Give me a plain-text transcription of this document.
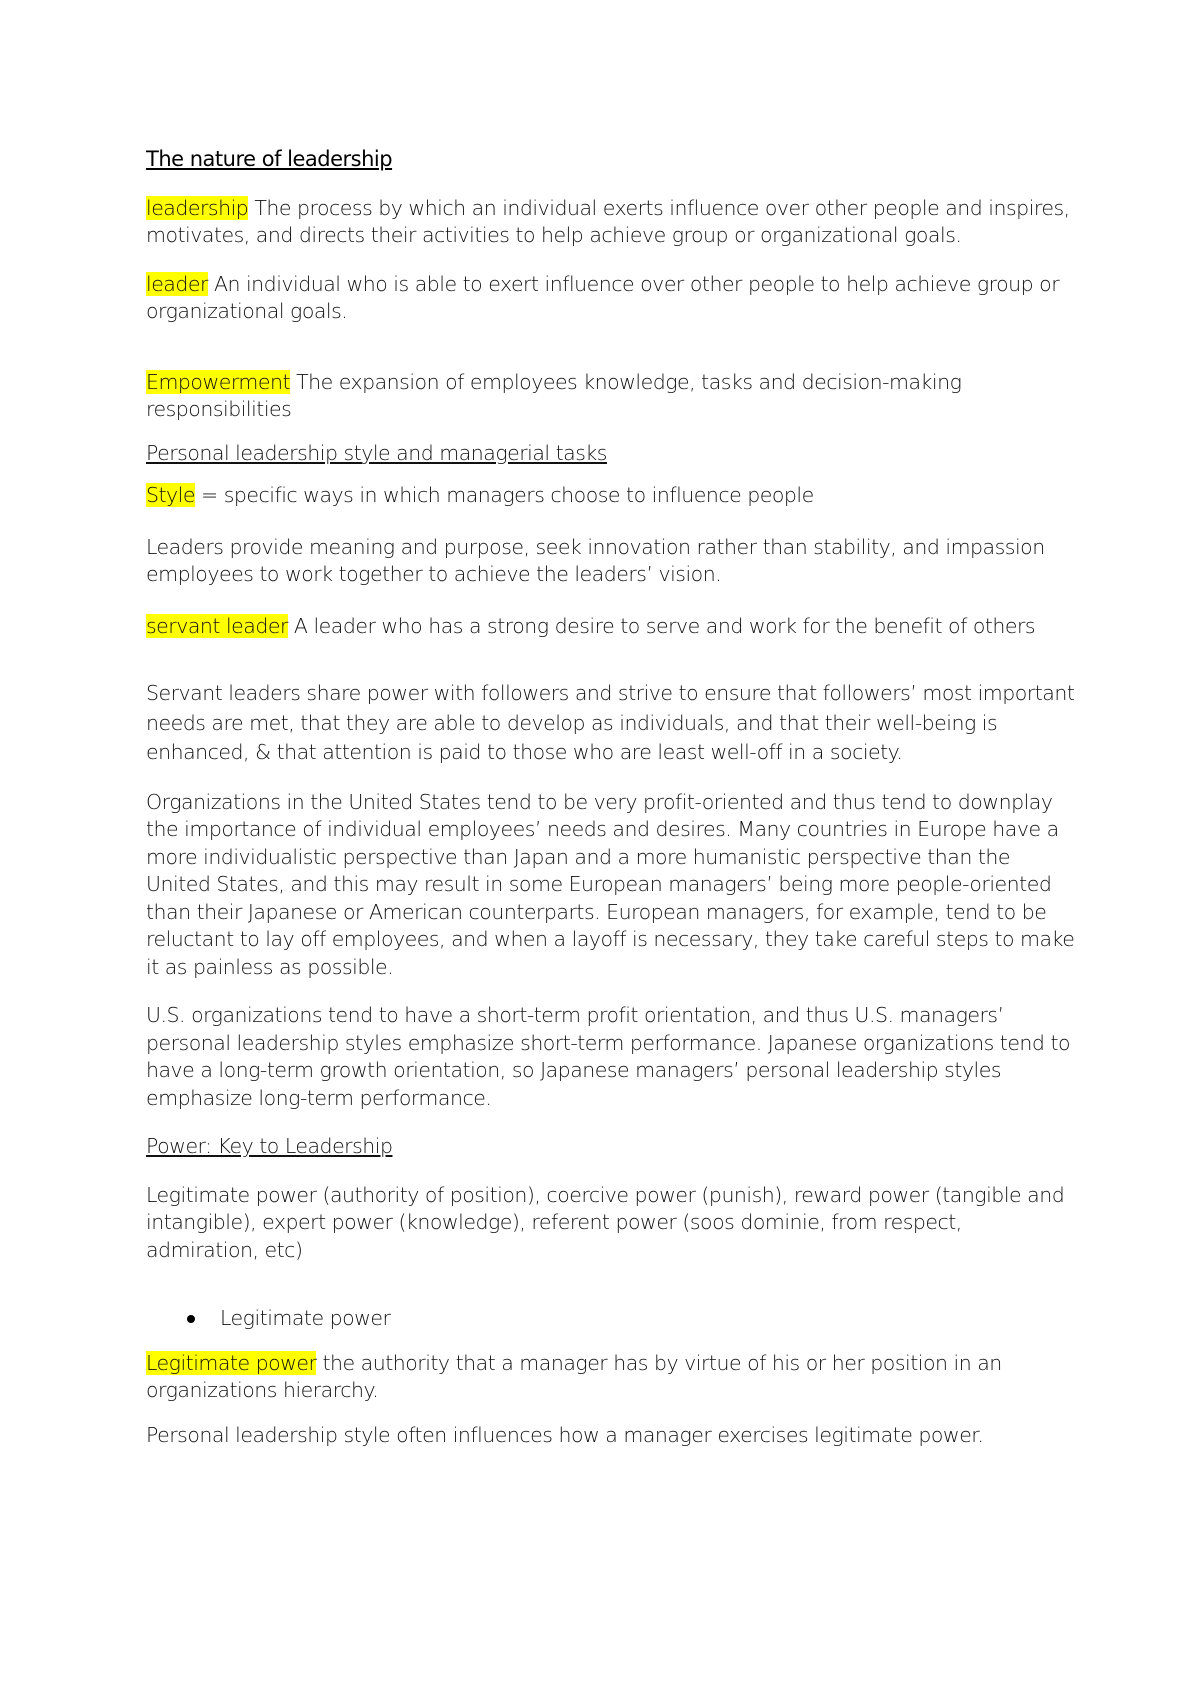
The nature of leadership

leadership The process by which an individual exerts influence over other people and inspires, motivates, and directs their activities to help achieve group or organizational goals.

leader An individual who is able to exert influence over other people to help achieve group or organizational goals.

Empowerment The expansion of employees knowledge, tasks and decision-making responsibilities

Personal leadership style and managerial tasks

Style = specific ways in which managers choose to influence people

Leaders provide meaning and purpose, seek innovation rather than stability, and impassion employees to work together to achieve the leaders’ vision.

servant leader A leader who has a strong desire to serve and work for the benefit of others

Servant leaders share power with followers and strive to ensure that followers’ most important needs are met, that they are able to develop as individuals, and that their well-being is enhanced, & that attention is paid to those who are least well-off in a society.

Organizations in the United States tend to be very profit-oriented and thus tend to downplay the importance of individual employees’ needs and desires. Many countries in Europe have a more individualistic perspective than Japan and a more humanistic perspective than the United States, and this may result in some European managers’ being more people-oriented than their Japanese or American counterparts. European managers, for example, tend to be reluctant to lay off employees, and when a layoff is necessary, they take careful steps to make it as painless as possible.

U.S. organizations tend to have a short-term profit orientation, and thus U.S. managers’ personal leadership styles emphasize short-term performance. Japanese organizations tend to have a long-term growth orientation, so Japanese managers’ personal leadership styles emphasize long-term performance.

Power: Key to Leadership

Legitimate power (authority of position), coercive power (punish), reward power (tangible and intangible), expert power (knowledge), referent power (soos dominie, from respect, admiration, etc)

Legitimate power

Legitimate power the authority that a manager has by virtue of his or her position in an organizations hierarchy.

Personal leadership style often influences how a manager exercises legitimate power.
